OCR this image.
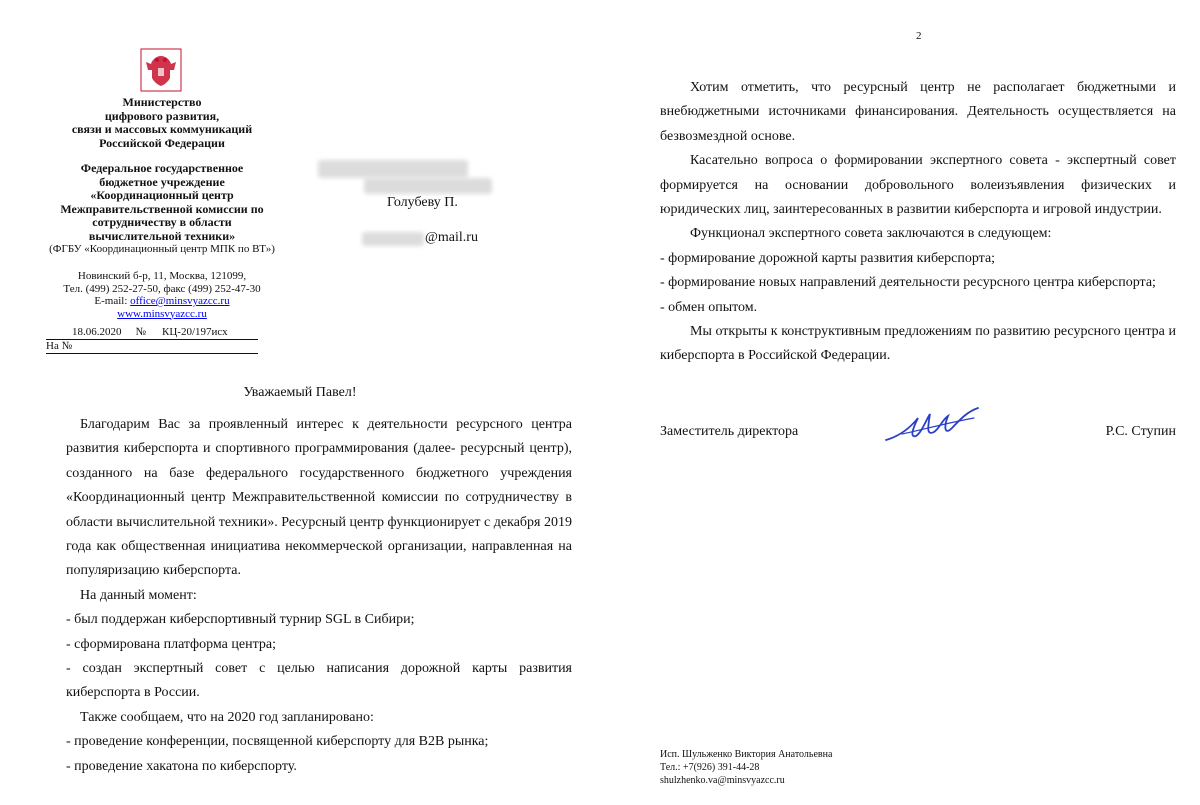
Министерство
цифрового развития,
связи и массовых коммуникаций
Российской Федерации
Федеральное государственное
бюджетное учреждение
«Координационный центр
Межправительственной комиссии по
сотрудничеству в области
вычислительной техники»
(ФГБУ «Координационный центр МПК по ВТ»)
Новинский б-р, 11, Москва, 121099,
Тел. (499) 252-27-50, факс (499) 252-47-30
E-mail: office@minsvyazcc.ru
www.minsvyazcc.ru
18.06.2020 № КЦ-20/197исх
На №
Голубеву П.
@mail.ru
Уважаемый Павел!

Благодарим Вас за проявленный интерес к деятельности ресурсного центра развития киберспорта и спортивного программирования (далее- ресурсный центр), созданного на базе федерального государственного бюджетного учреждения «Координационный центр Межправительственной комиссии по сотрудничеству в области вычислительной техники». Ресурсный центр функционирует с декабря 2019 года как общественная инициатива некоммерческой организации, направленная на популяризацию киберспорта.

На данный момент:

- был поддержан киберспортивный турнир SGL в Сибири;

- сформирована платформа центра;

- создан экспертный совет с целью написания дорожной карты развития киберспорта в России.

Также сообщаем, что на 2020 год запланировано:

- проведение конференции, посвященной киберспорту для B2B рынка;

- проведение хакатона по киберспорту.

2

Хотим отметить, что ресурсный центр не располагает бюджетными и внебюджетными источниками финансирования. Деятельность осуществляется на безвозмездной основе.

Касательно вопроса о формировании экспертного совета - экспертный совет формируется на основании добровольного волеизъявления физических и юридических лиц, заинтересованных в развитии киберспорта и игровой индустрии.

Функционал экспертного совета заключаются в следующем:

- формирование дорожной карты развития киберспорта;

- формирование новых направлений деятельности ресурсного центра киберспорта;

- обмен опытом.

Мы открыты к конструктивным предложениям по развитию ресурсного центра и киберспорта в Российской Федерации.

Заместитель директора	Р.С. Ступин
Исп. Шульженко Виктория Анатольевна
Тел.: +7(926) 391-44-28
shulzhenko.va@minsvyazcc.ru
